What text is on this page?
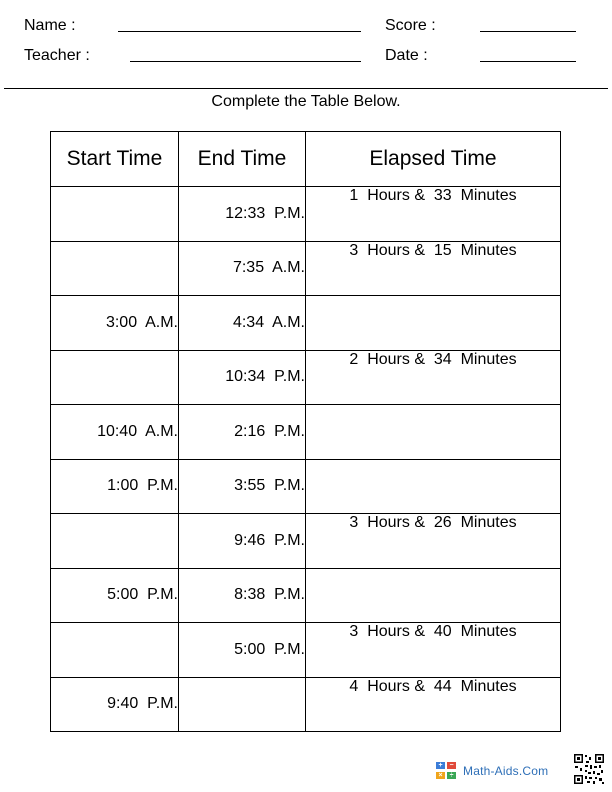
Name :	Score :
Teacher :	Date :
Complete the Table Below.
Start Time	End Time	Elapsed Time
	12:33  P.M.	1  Hours &  33  Minutes
	7:35  A.M.	3  Hours &  15  Minutes
3:00  A.M.	4:34  A.M.	
	10:34  P.M.	2  Hours &  34  Minutes
10:40  A.M.	2:16  P.M.	
1:00  P.M.	3:55  P.M.	
	9:46  P.M.	3  Hours &  26  Minutes
5:00  P.M.	8:38  P.M.	
	5:00  P.M.	3  Hours &  40  Minutes
9:40  P.M.		4  Hours &  44  Minutes
+ −
×	÷ Math-Aids.Com
